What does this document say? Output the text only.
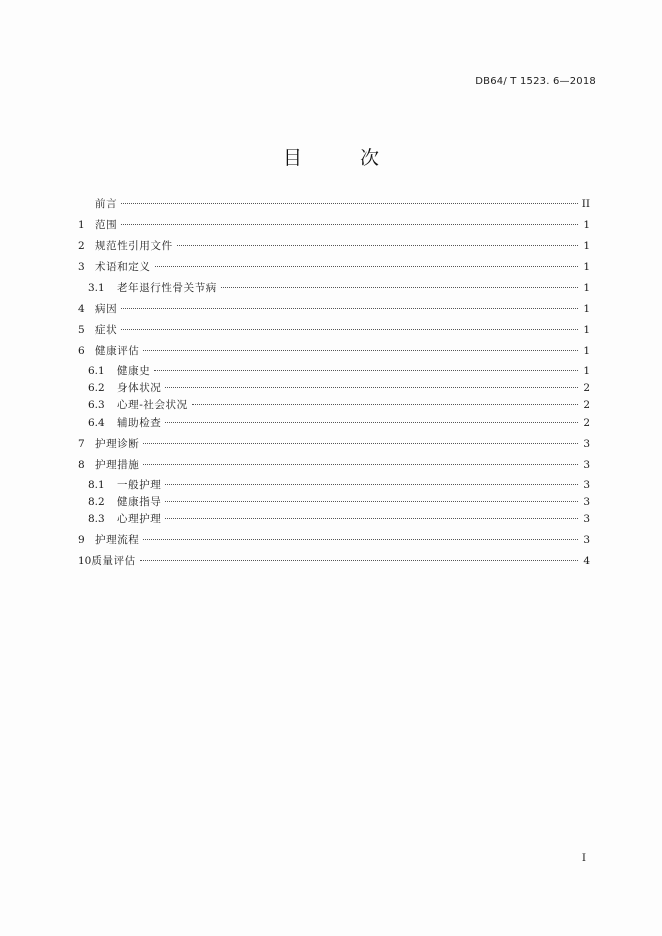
DB64/ T 1523. 6—2018
目 次
前言	II
1 范围	1
2 规范性引用文件	1
3 术语和定义	1
3.1	老年退行性骨关节病	1
4 病因	1
5 症状	1
6 健康评估	1
6.1	健康史	1
6.2	身体状况	2
6.3	心理-社会状况	2
6.4	辅助检查	2
7 护理诊断	3
8 护理措施	3
8.1	一般护理	3
8.2	健康指导	3
8.3	心理护理	3
9 护理流程	3
10 质量评估	4
I
